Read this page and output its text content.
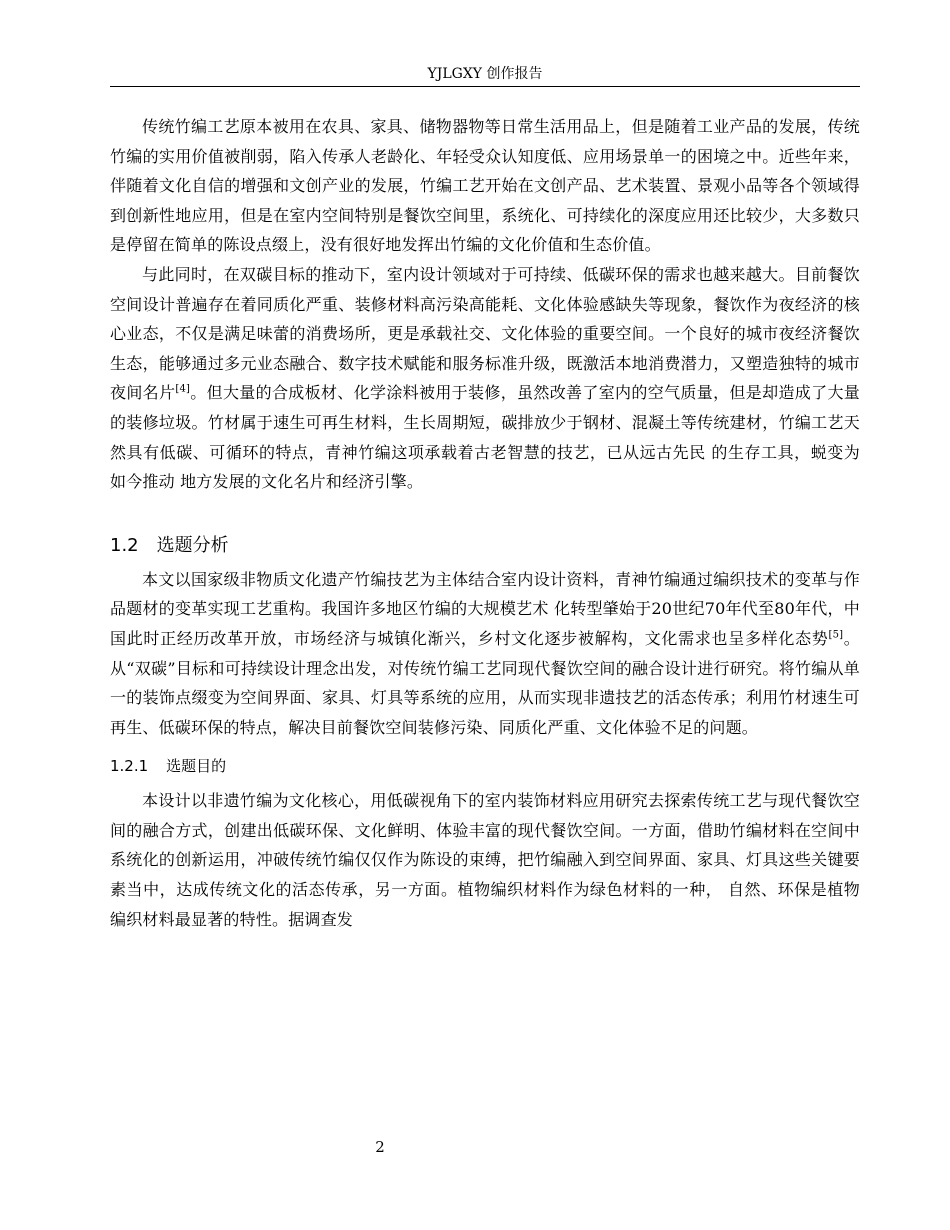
YJLGXY 创作报告

传统竹编工艺原本被用在农具、家具、储物器物等日常生活用品上，但是随着工业产品的发展，传统竹编的实用价值被削弱，陷入传承人老龄化、年轻受众认知度低、应用场景单一的困境之中。近些年来，伴随着文化自信的增强和文创产业的发展，竹编工艺开始在文创产品、艺术装置、景观小品等各个领域得到创新性地应用，但是在室内空间特别是餐饮空间里，系统化、可持续化的深度应用还比较少，大多数只是停留在简单的陈设点缀上，没有很好地发挥出竹编的文化价值和生态价值。

与此同时，在双碳目标的推动下，室内设计领域对于可持续、低碳环保的需求也越来越大。目前餐饮空间设计普遍存在着同质化严重、装修材料高污染高能耗、文化体验感缺失等现象，餐饮作为夜经济的核心业态，不仅是满足味蕾的消费场所，更是承载社交、文化体验的重要空间。一个良好的城市夜经济餐饮生态，能够通过多元业态融合、数字技术赋能和服务标准升级，既激活本地消费潜力，又塑造独特的城市夜间名片[4]。但大量的合成板材、化学涂料被用于装修，虽然改善了室内的空气质量，但是却造成了大量的装修垃圾。竹材属于速生可再生材料，生长周期短，碳排放少于钢材、混凝土等传统建材，竹编工艺天然具有低碳、可循环的特点，青神竹编这项承载着古老智慧的技艺，已从远古先民 的生存工具，蜕变为如今推动 地方发展的文化名片和经济引擎。

1.2 选题分析

本文以国家级非物质文化遗产竹编技艺为主体结合室内设计资料，青神竹编通过编织技术的变革与作品题材的变革实现工艺重构。我国许多地区竹编的大规模艺术 化转型肇始于20世纪70年代至80年代，中国此时正经历改革开放，市场经济与城镇化渐兴，乡村文化逐步被解构，文化需求也呈多样化态势[5]。从“双碳”目标和可持续设计理念出发，对传统竹编工艺同现代餐饮空间的融合设计进行研究。将竹编从单一的装饰点缀变为空间界面、家具、灯具等系统的应用，从而实现非遗技艺的活态传承；利用竹材速生可再生、低碳环保的特点，解决目前餐饮空间装修污染、同质化严重、文化体验不足的问题。

1.2.1 选题目的

本设计以非遗竹编为文化核心，用低碳视角下的室内装饰材料应用研究去探索传统工艺与现代餐饮空间的融合方式，创建出低碳环保、文化鲜明、体验丰富的现代餐饮空间。一方面，借助竹编材料在空间中系统化的创新运用，冲破传统竹编仅仅作为陈设的束缚，把竹编融入到空间界面、家具、灯具这些关键要素当中，达成传统文化的活态传承，另一方面。植物编织材料作为绿色材料的一种， 自然、环保是植物编织材料最显著的特性。据调查发

2
